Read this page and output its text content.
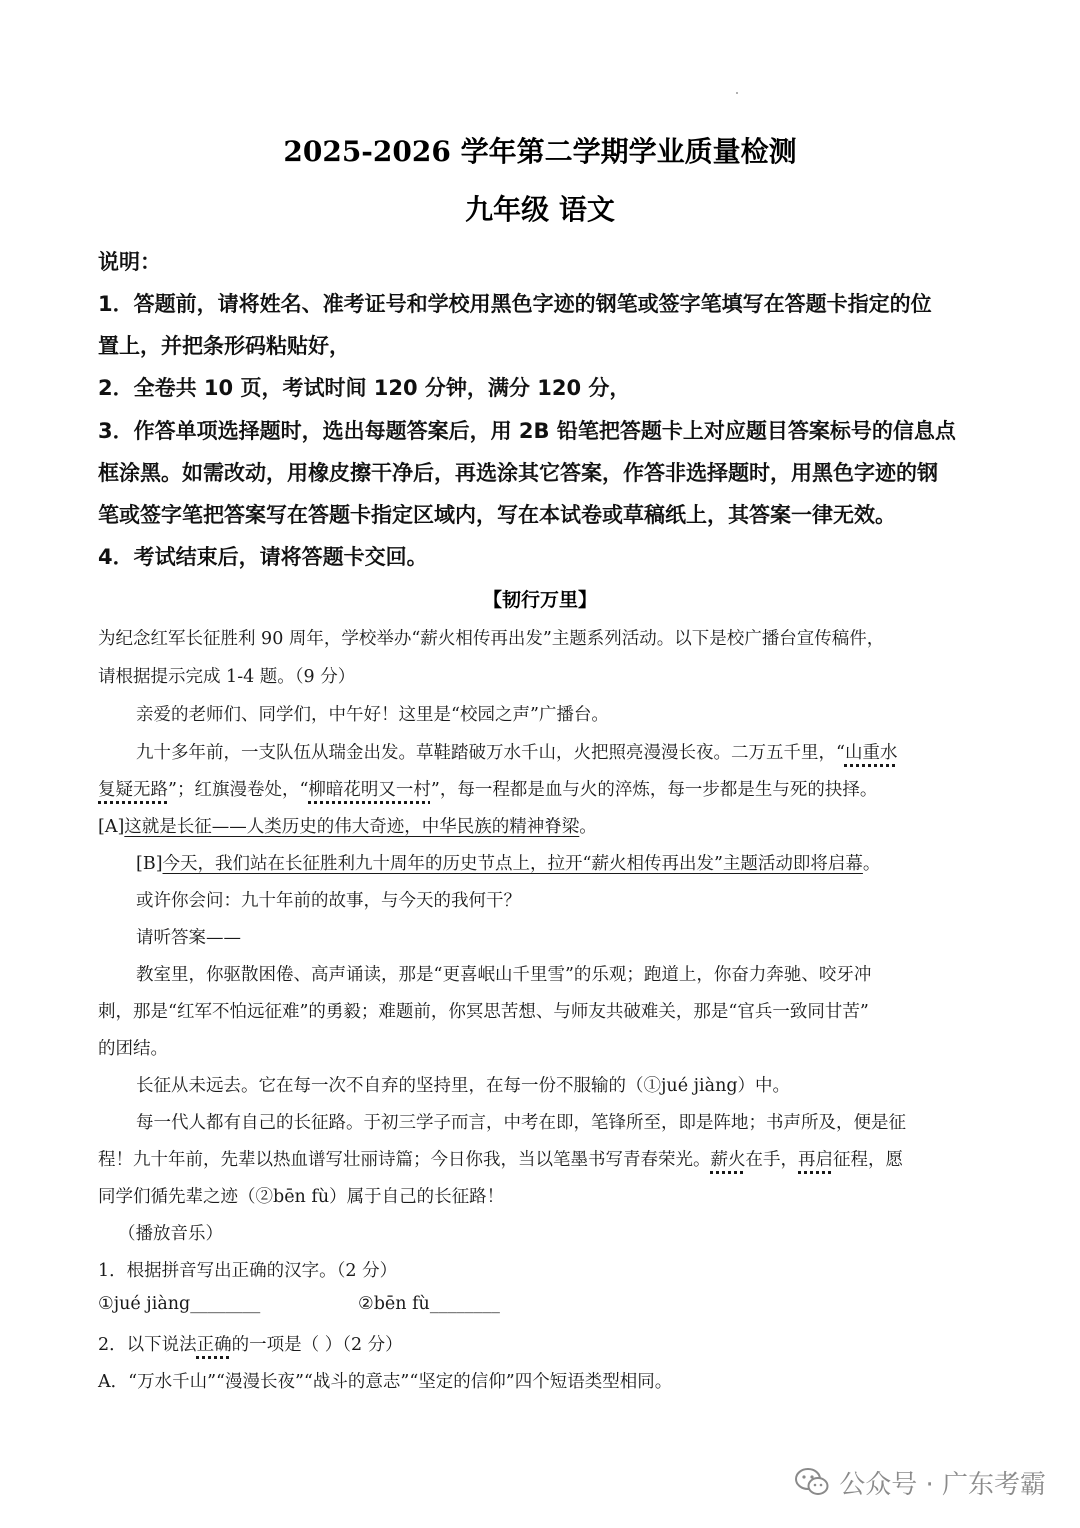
2025-2026 学年第二学期学业质量检测
九年级 语文
说明：
1．答题前，请将姓名、准考证号和学校用黑色字迹的钢笔或签字笔填写在答题卡指定的位
置上，并把条形码粘贴好，
2．全卷共 10 页，考试时间 120 分钟，满分 120 分，
3．作答单项选择题时，选出每题答案后，用 2B 铅笔把答题卡上对应题目答案标号的信息点
框涂黑。如需改动，用橡皮擦干净后，再选涂其它答案，作答非选择题时，用黑色字迹的钢
笔或签字笔把答案写在答题卡指定区域内，写在本试卷或草稿纸上，其答案一律无效。
4．考试结束后，请将答题卡交回。
【韧行万里】
为纪念红军长征胜利 90 周年，学校举办“薪火相传再出发”主题系列活动。以下是校广播台宣传稿件，
请根据提示完成 1-4 题。（9 分）
亲爱的老师们、同学们，中午好！这里是“校园之声”广播台。
九十多年前，一支队伍从瑞金出发。草鞋踏破万水千山，火把照亮漫漫长夜。二万五千里，“山重水
复疑无路”；红旗漫卷处，“柳暗花明又一村”，每一程都是血与火的淬炼，每一步都是生与死的抉择。
[A]这就是长征——人类历史的伟大奇迹，中华民族的精神脊梁。
[B]今天，我们站在长征胜利九十周年的历史节点上，拉开“薪火相传再出发”主题活动即将启幕。
或许你会问：九十年前的故事，与今天的我何干？
请听答案——
教室里，你驱散困倦、高声诵读，那是“更喜岷山千里雪”的乐观；跑道上，你奋力奔驰、咬牙冲
刺，那是“红军不怕远征难”的勇毅；难题前，你冥思苦想、与师友共破难关，那是“官兵一致同甘苦”
的团结。
长征从未远去。它在每一次不自弃的坚持里，在每一份不服输的（①jué jiàng）中。
每一代人都有自己的长征路。于初三学子而言，中考在即，笔锋所至，即是阵地；书声所及，便是征
程！九十年前，先辈以热血谱写壮丽诗篇；今日你我，当以笔墨书写青春荣光。薪火在手，再启征程，愿
同学们循先辈之迹（②bēn fù）属于自己的长征路！
（播放音乐）
1．根据拼音写出正确的汉字。（2 分）
①jué jiàng________	②bēn fù________
2．以下说法正确的一项是（ ）（2 分）
A．“万水千山”“漫漫长夜”“战斗的意志”“坚定的信仰”四个短语类型相同。
公众号 · 广东考霸
